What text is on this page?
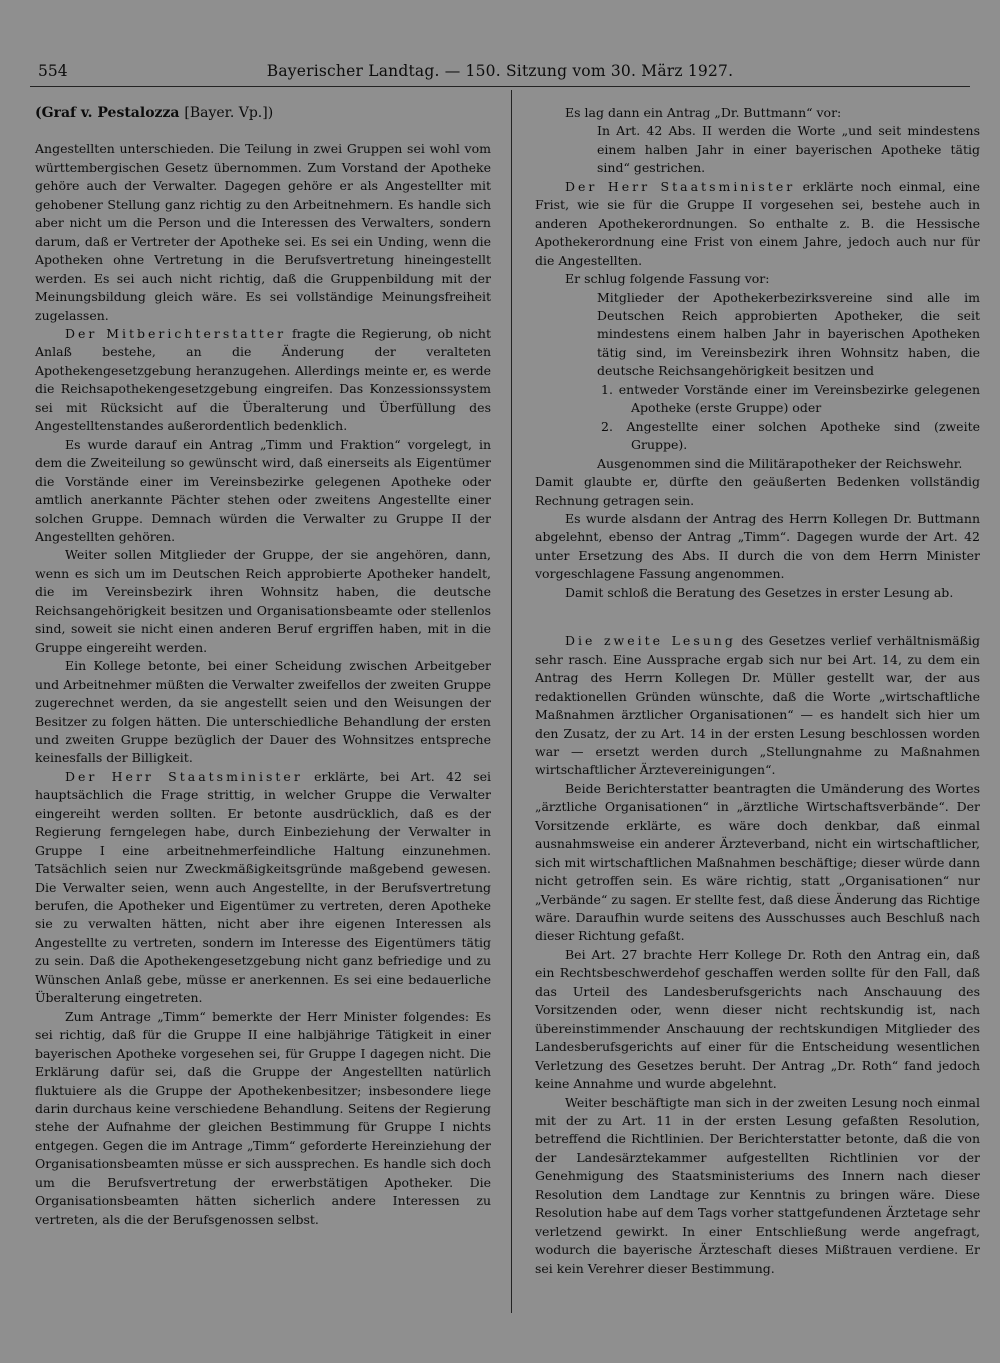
554	Bayerischer Landtag. — 150. Sitzung vom 30. März 1927.

(Graf v. Pestalozza [Bayer. Vp.])

Angestellten unterschieden. Die Teilung in zwei Gruppen sei wohl vom württembergischen Gesetz übernommen. Zum Vorstand der Apotheke gehöre auch der Verwalter. Dagegen gehöre er als Angestellter mit gehobener Stellung ganz richtig zu den Arbeitnehmern. Es handle sich aber nicht um die Person und die Interessen des Verwalters, sondern darum, daß er Vertreter der Apotheke sei. Es sei ein Unding, wenn die Apotheken ohne Vertretung in die Berufsvertretung hineingestellt werden. Es sei auch nicht richtig, daß die Gruppenbildung mit der Meinungsbildung gleich wäre. Es sei vollständige Meinungsfreiheit zugelassen.

Der Mitberichterstatter fragte die Regierung, ob nicht Anlaß bestehe, an die Änderung der veralteten Apothekengesetzgebung heranzugehen. Allerdings meinte er, es werde die Reichsapothekengesetzgebung eingreifen. Das Konzessionssystem sei mit Rücksicht auf die Überalterung und Überfüllung des Angestelltenstandes außerordentlich bedenklich.

Es wurde darauf ein Antrag „Timm und Fraktion“ vorgelegt, in dem die Zweiteilung so gewünscht wird, daß einerseits als Eigentümer die Vorstände einer im Vereinsbezirke gelegenen Apotheke oder amtlich anerkannte Pächter stehen oder zweitens Angestellte einer solchen Gruppe. Demnach würden die Verwalter zu Gruppe II der Angestellten gehören.

Weiter sollen Mitglieder der Gruppe, der sie angehören, dann, wenn es sich um im Deutschen Reich approbierte Apotheker handelt, die im Vereinsbezirk ihren Wohnsitz haben, die deutsche Reichsangehörigkeit besitzen und Organisationsbeamte oder stellenlos sind, soweit sie nicht einen anderen Beruf ergriffen haben, mit in die Gruppe eingereiht werden.

Ein Kollege betonte, bei einer Scheidung zwischen Arbeitgeber und Arbeitnehmer müßten die Verwalter zweifellos der zweiten Gruppe zugerechnet werden, da sie angestellt seien und den Weisungen der Besitzer zu folgen hätten. Die unterschiedliche Behandlung der ersten und zweiten Gruppe bezüglich der Dauer des Wohnsitzes entspreche keinesfalls der Billigkeit.

Der Herr Staatsminister erklärte, bei Art. 42 sei hauptsächlich die Frage strittig, in welcher Gruppe die Verwalter eingereiht werden sollten. Er betonte ausdrücklich, daß es der Regierung ferngelegen habe, durch Einbeziehung der Verwalter in Gruppe I eine arbeitnehmerfeindliche Haltung einzunehmen. Tatsächlich seien nur Zweckmäßigkeitsgründe maßgebend gewesen. Die Verwalter seien, wenn auch Angestellte, in der Berufsvertretung berufen, die Apotheker und Eigentümer zu vertreten, deren Apotheke sie zu verwalten hätten, nicht aber ihre eigenen Interessen als Angestellte zu vertreten, sondern im Interesse des Eigentümers tätig zu sein. Daß die Apothekengesetzgebung nicht ganz befriedige und zu Wünschen Anlaß gebe, müsse er anerkennen. Es sei eine bedauerliche Überalterung eingetreten.

Zum Antrage „Timm“ bemerkte der Herr Minister folgendes: Es sei richtig, daß für die Gruppe II eine halbjährige Tätigkeit in einer bayerischen Apotheke vorgesehen sei, für Gruppe I dagegen nicht. Die Erklärung dafür sei, daß die Gruppe der Angestellten natürlich fluktuiere als die Gruppe der Apothekenbesitzer; insbesondere liege darin durchaus keine verschiedene Behandlung. Seitens der Regierung stehe der Aufnahme der gleichen Bestimmung für Gruppe I nichts entgegen. Gegen die im Antrage „Timm“ geforderte Hereinziehung der Organisationsbeamten müsse er sich aussprechen. Es handle sich doch um die Berufsvertretung der erwerbstätigen Apotheker. Die Organisationsbeamten hätten sicherlich andere Interessen zu vertreten, als die der Berufsgenossen selbst.

Es lag dann ein Antrag „Dr. Buttmann“ vor:

In Art. 42 Abs. II werden die Worte „und seit mindestens einem halben Jahr in einer bayerischen Apotheke tätig sind“ gestrichen.

Der Herr Staatsminister erklärte noch einmal, eine Frist, wie sie für die Gruppe II vorgesehen sei, bestehe auch in anderen Apothekerordnungen. So enthalte z. B. die Hessische Apothekerordnung eine Frist von einem Jahre, jedoch auch nur für die Angestellten.

Er schlug folgende Fassung vor:

Mitglieder der Apothekerbezirksvereine sind alle im Deutschen Reich approbierten Apotheker, die seit mindestens einem halben Jahr in bayerischen Apotheken tätig sind, im Vereinsbezirk ihren Wohnsitz haben, die deutsche Reichsangehörigkeit besitzen und

1. entweder Vorstände einer im Vereinsbezirke gelegenen Apotheke (erste Gruppe) oder

2. Angestellte einer solchen Apotheke sind (zweite Gruppe).

Ausgenommen sind die Militärapotheker der Reichswehr.

Damit glaubte er, dürfte den geäußerten Bedenken vollständig Rechnung getragen sein.

Es wurde alsdann der Antrag des Herrn Kollegen Dr. Buttmann abgelehnt, ebenso der Antrag „Timm“. Dagegen wurde der Art. 42 unter Ersetzung des Abs. II durch die von dem Herrn Minister vorgeschlagene Fassung angenommen.

Damit schloß die Beratung des Gesetzes in erster Lesung ab.

Die zweite Lesung des Gesetzes verlief verhältnismäßig sehr rasch. Eine Aussprache ergab sich nur bei Art. 14, zu dem ein Antrag des Herrn Kollegen Dr. Müller gestellt war, der aus redaktionellen Gründen wünschte, daß die Worte „wirtschaftliche Maßnahmen ärztlicher Organisationen“ — es handelt sich hier um den Zusatz, der zu Art. 14 in der ersten Lesung beschlossen worden war — ersetzt werden durch „Stellungnahme zu Maßnahmen wirtschaftlicher Ärztevereinigungen“.

Beide Berichterstatter beantragten die Umänderung des Wortes „ärztliche Organisationen“ in „ärztliche Wirtschaftsverbände“. Der Vorsitzende erklärte, es wäre doch denkbar, daß einmal ausnahmsweise ein anderer Ärzteverband, nicht ein wirtschaftlicher, sich mit wirtschaftlichen Maßnahmen beschäftige; dieser würde dann nicht getroffen sein. Es wäre richtig, statt „Organisationen“ nur „Verbände“ zu sagen. Er stellte fest, daß diese Änderung das Richtige wäre. Daraufhin wurde seitens des Ausschusses auch Beschluß nach dieser Richtung gefaßt.

Bei Art. 27 brachte Herr Kollege Dr. Roth den Antrag ein, daß ein Rechtsbeschwerdehof geschaffen werden sollte für den Fall, daß das Urteil des Landesberufsgerichts nach Anschauung des Vorsitzenden oder, wenn dieser nicht rechtskundig ist, nach übereinstimmender Anschauung der rechtskundigen Mitglieder des Landesberufsgerichts auf einer für die Entscheidung wesentlichen Verletzung des Gesetzes beruht. Der Antrag „Dr. Roth“ fand jedoch keine Annahme und wurde abgelehnt.

Weiter beschäftigte man sich in der zweiten Lesung noch einmal mit der zu Art. 11 in der ersten Lesung gefaßten Resolution, betreffend die Richtlinien. Der Berichterstatter betonte, daß die von der Landesärztekammer aufgestellten Richtlinien vor der Genehmigung des Staatsministeriums des Innern nach dieser Resolution dem Landtage zur Kenntnis zu bringen wäre. Diese Resolution habe auf dem Tags vorher stattgefundenen Ärztetage sehr verletzend gewirkt. In einer Entschließung werde angefragt, wodurch die bayerische Ärzteschaft dieses Mißtrauen verdiene. Er sei kein Verehrer dieser Bestimmung.
